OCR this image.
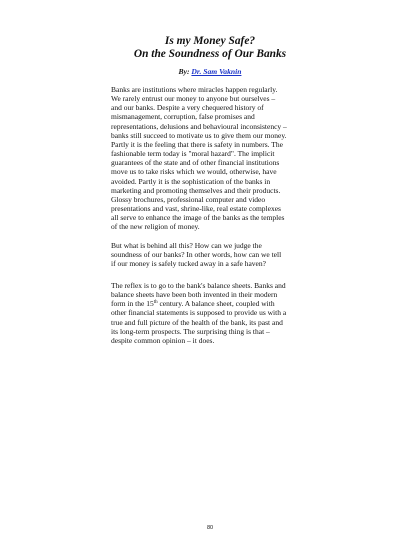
Is my Money Safe?
On the Soundness of Our Banks
By: Dr. Sam Vaknin
Banks are institutions where miracles happen regularly.
We rarely entrust our money to anyone but ourselves –
and our banks. Despite a very chequered history of
mismanagement, corruption, false promises and
representations, delusions and behavioural inconsistency –
banks still succeed to motivate us to give them our money.
Partly it is the feeling that there is safety in numbers. The
fashionable term today is "moral hazard". The implicit
guarantees of the state and of other financial institutions
move us to take risks which we would, otherwise, have
avoided. Partly it is the sophistication of the banks in
marketing and promoting themselves and their products.
Glossy brochures, professional computer and video
presentations and vast, shrine-like, real estate complexes
all serve to enhance the image of the banks as the temples
of the new religion of money.
But what is behind all this? How can we judge the
soundness of our banks? In other words, how can we tell
if our money is safely tucked away in a safe haven?
The reflex is to go to the bank's balance sheets. Banks and
balance sheets have been both invented in their modern
form in the 15th century. A balance sheet, coupled with
other financial statements is supposed to provide us with a
true and full picture of the health of the bank, its past and
its long-term prospects. The surprising thing is that –
despite common opinion – it does.
80
